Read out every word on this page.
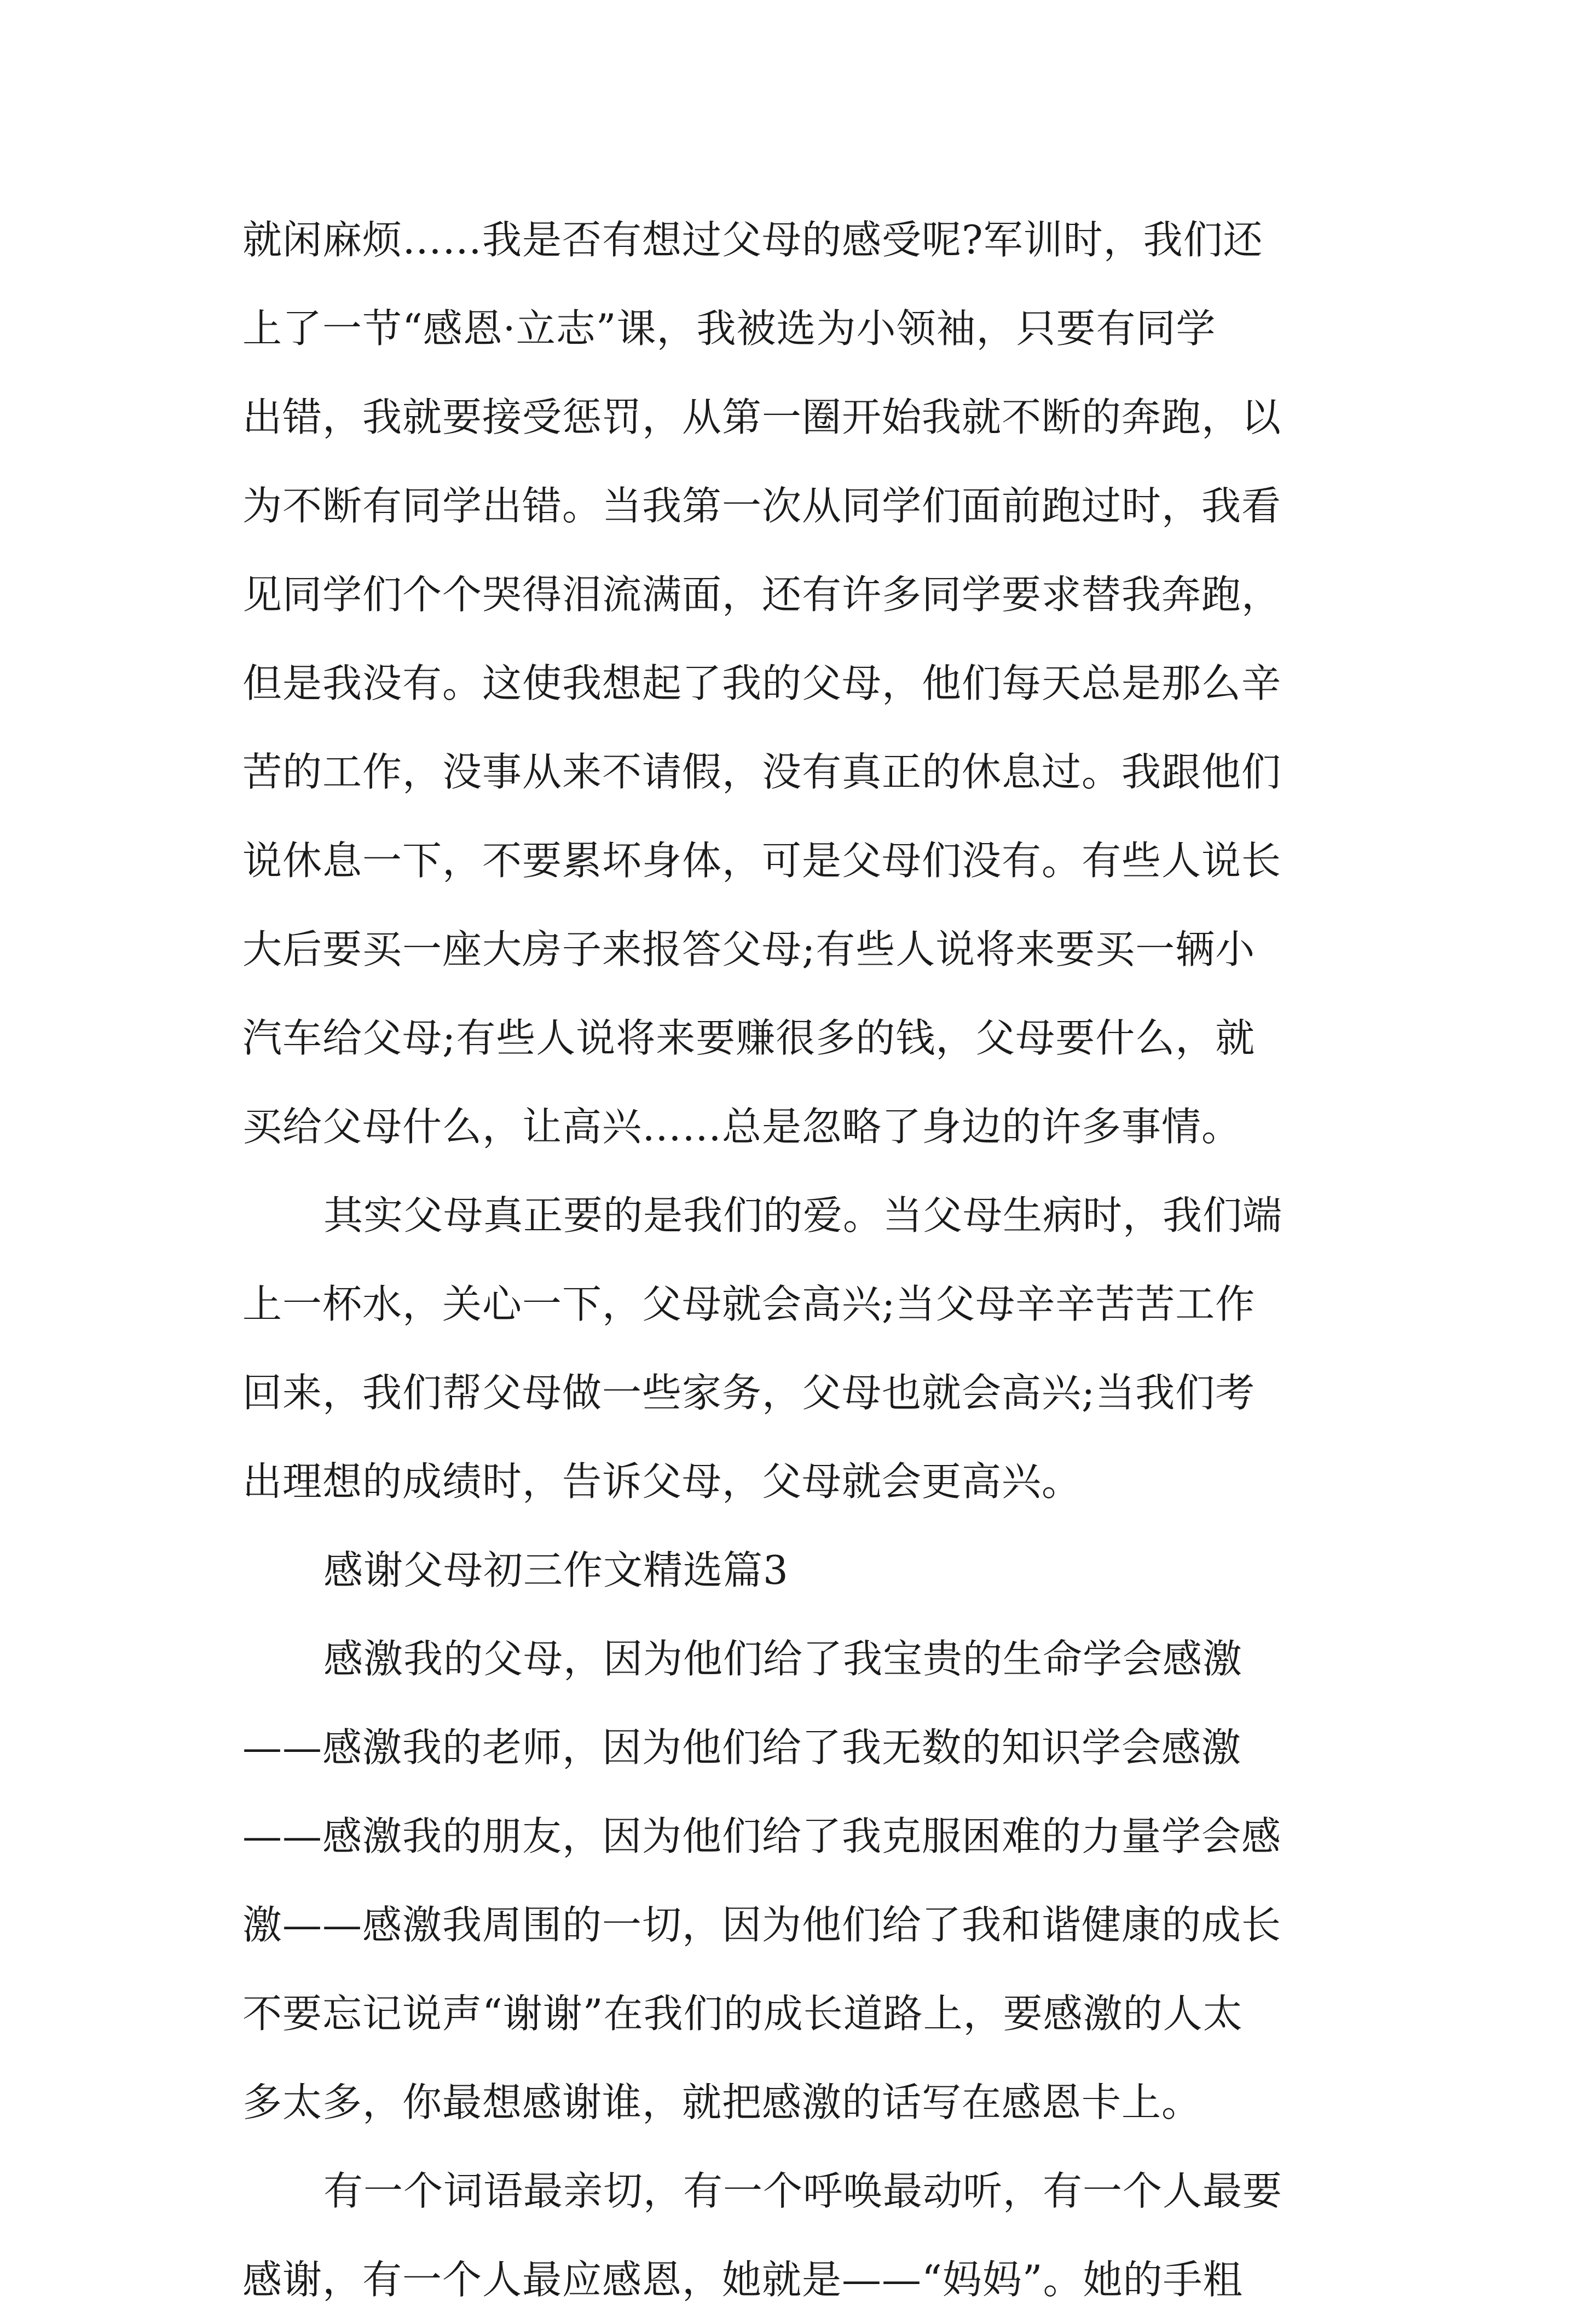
就闲麻烦……我是否有想过父母的感受呢?军训时，我们还
上了一节“感恩·立志”课，我被选为小领袖，只要有同学
出错，我就要接受惩罚，从第一圈开始我就不断的奔跑，以
为不断有同学出错。当我第一次从同学们面前跑过时，我看
见同学们个个哭得泪流满面，还有许多同学要求替我奔跑，
但是我没有。这使我想起了我的父母，他们每天总是那么辛
苦的工作，没事从来不请假，没有真正的休息过。我跟他们
说休息一下，不要累坏身体，可是父母们没有。有些人说长
大后要买一座大房子来报答父母;有些人说将来要买一辆小
汽车给父母;有些人说将来要赚很多的钱，父母要什么，就
买给父母什么，让高兴……总是忽略了身边的许多事情。
其实父母真正要的是我们的爱。当父母生病时，我们端
上一杯水，关心一下，父母就会高兴;当父母辛辛苦苦工作
回来，我们帮父母做一些家务，父母也就会高兴;当我们考
出理想的成绩时，告诉父母，父母就会更高兴。
感谢父母初三作文精选篇3
感激我的父母，因为他们给了我宝贵的生命学会感激
——感激我的老师，因为他们给了我无数的知识学会感激
——感激我的朋友，因为他们给了我克服困难的力量学会感
激——感激我周围的一切，因为他们给了我和谐健康的成长
不要忘记说声“谢谢”在我们的成长道路上，要感激的人太
多太多，你最想感谢谁，就把感激的话写在感恩卡上。
有一个词语最亲切，有一个呼唤最动听，有一个人最要
感谢，有一个人最应感恩，她就是——“妈妈”。她的手粗
